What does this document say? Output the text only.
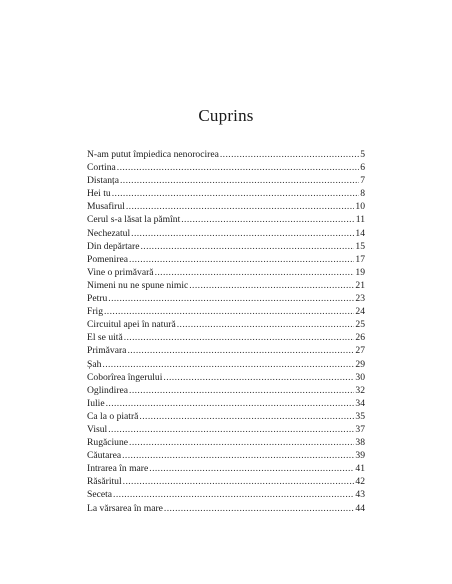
Cuprins
N-am putut împiedica nenorocirea .....	5
Cortina .....	6
Distanța .....	7
Hei tu .....	8
Musafirul .....	10
Cerul s-a lăsat la pămînt .....	11
Nechezatul .....	14
Din depărtare .....	15
Pomenirea .....	17
Vine o primăvară .....	19
Nimeni nu ne spune nimic .....	21
Petru .....	23
Frig .....	24
Circuitul apei în natură .....	25
El se uită .....	26
Primăvara .....	27
Șah .....	29
Coborîrea îngerului .....	30
Oglindirea .....	32
Iulie .....	34
Ca la o piatră .....	35
Visul .....	37
Rugăciune .....	38
Căutarea .....	39
Intrarea în mare .....	41
Răsăritul .....	42
Seceta .....	43
La vărsarea în mare .....	44
